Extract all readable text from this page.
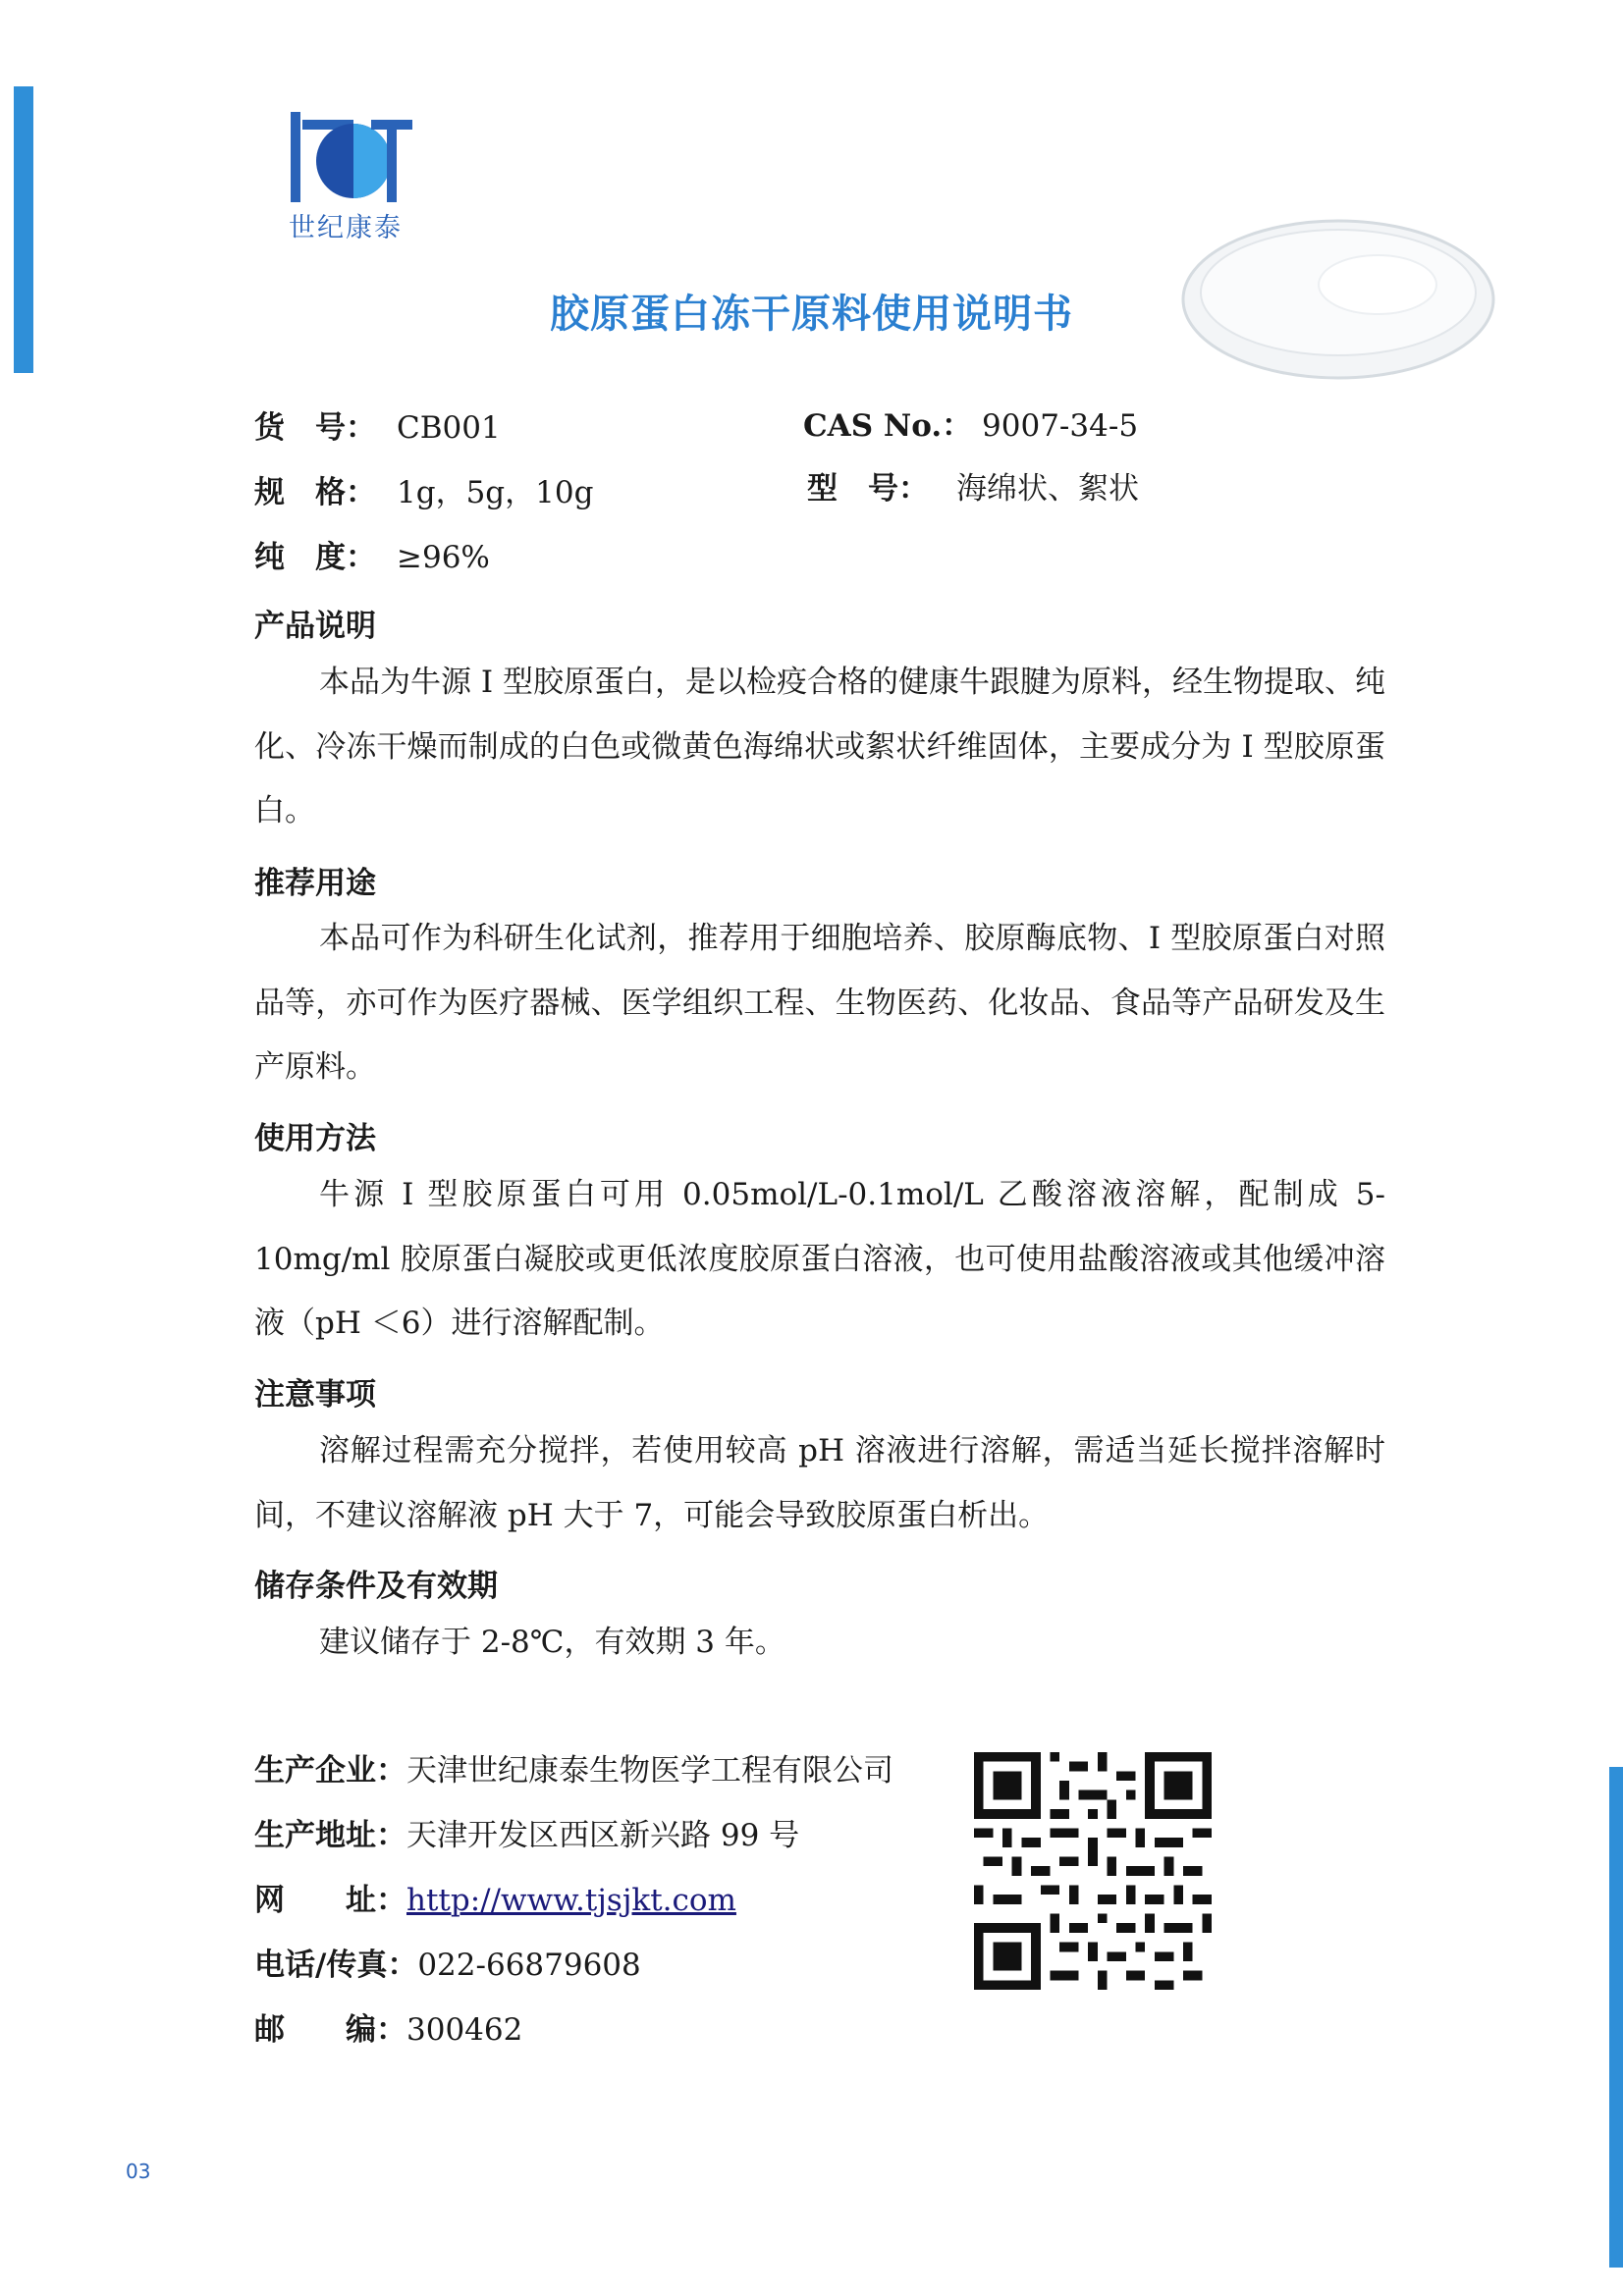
世纪康泰
胶原蛋白冻干原料使用说明书
货　号： CB001	CAS No.： 9007-34-5
规　格： 1g，5g，10g	型　号： 海绵状、絮状
纯　度： ≥96%
产品说明
本品为牛源 I 型胶原蛋白，是以检疫合格的健康牛跟腱为原料，经生物提取、纯化、冷冻干燥而制成的白色或微黄色海绵状或絮状纤维固体，主要成分为 I 型胶原蛋白。
推荐用途
本品可作为科研生化试剂，推荐用于细胞培养、胶原酶底物、I 型胶原蛋白对照品等，亦可作为医疗器械、医学组织工程、生物医药、化妆品、食品等产品研发及生产原料。
使用方法
牛源 I 型胶原蛋白可用 0.05mol/L-0.1mol/L 乙酸溶液溶解，配制成 5-10mg/ml 胶原蛋白凝胶或更低浓度胶原蛋白溶液，也可使用盐酸溶液或其他缓冲溶液（pH ＜6）进行溶解配制。
注意事项
溶解过程需充分搅拌，若使用较高 pH 溶液进行溶解，需适当延长搅拌溶解时间，不建议溶解液 pH 大于 7，可能会导致胶原蛋白析出。
储存条件及有效期
建议储存于 2-8℃，有效期 3 年。
生产企业：天津世纪康泰生物医学工程有限公司
生产地址：天津开发区西区新兴路 99 号
网　　址：http://www.tjsjkt.com
电话/传真：022-66879608
邮　　编：300462
03
